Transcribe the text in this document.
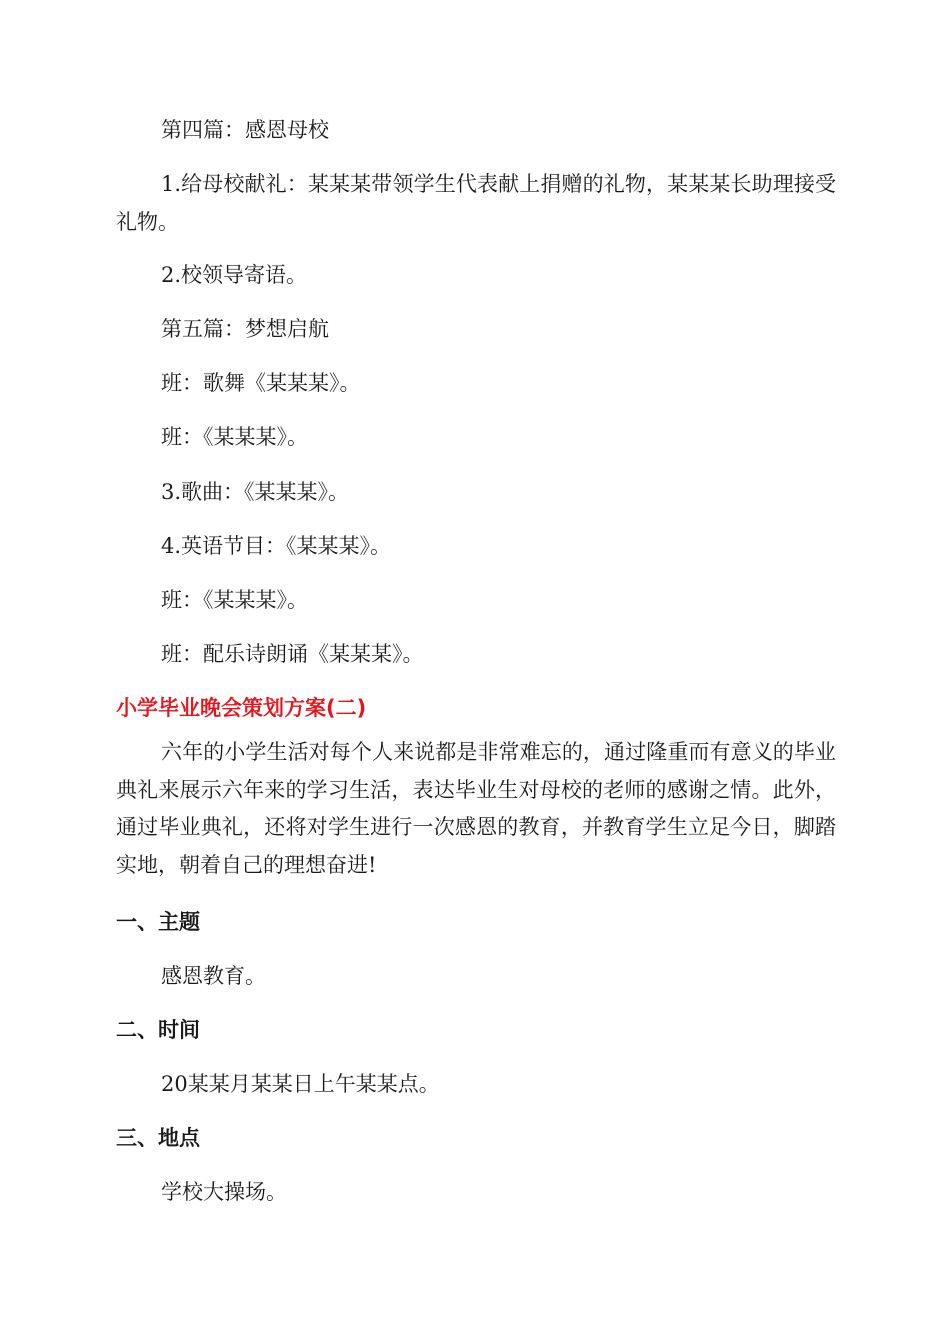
第四篇：感恩母校
1.给母校献礼：某某某带领学生代表献上捐赠的礼物，某某某长助理接受礼物。
2.校领导寄语。
第五篇：梦想启航
班：歌舞《某某某》。
班：《某某某》。
3.歌曲：《某某某》。
4.英语节目：《某某某》。
班：《某某某》。
班：配乐诗朗诵《某某某》。
小学毕业晚会策划方案(二)
六年的小学生活对每个人来说都是非常难忘的，通过隆重而有意义的毕业典礼来展示六年来的学习生活，表达毕业生对母校的老师的感谢之情。此外，通过毕业典礼，还将对学生进行一次感恩的教育，并教育学生立足今日，脚踏实地，朝着自己的理想奋进!
一、主题
感恩教育。
二、时间
20某某月某某日上午某某点。
三、地点
学校大操场。
